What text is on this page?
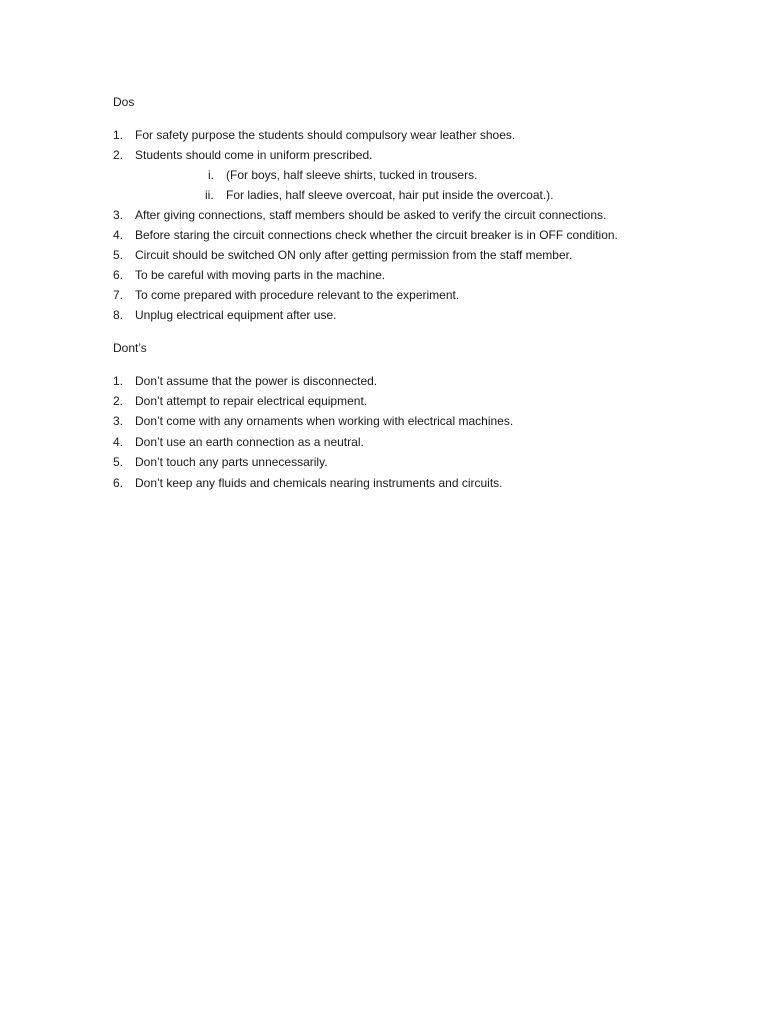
Dos
1. For safety purpose the students should compulsory wear leather shoes.
2. Students should come in uniform prescribed.
i. (For boys, half sleeve shirts, tucked in trousers.
ii. For ladies, half sleeve overcoat, hair put inside the overcoat.).
3. After giving connections, staff members should be asked to verify the circuit connections.
4. Before staring the circuit connections check whether the circuit breaker is in OFF condition.
5. Circuit should be switched ON only after getting permission from the staff member.
6. To be careful with moving parts in the machine.
7. To come prepared with procedure relevant to the experiment.
8. Unplug electrical equipment after use.
Dont’s
1. Don’t assume that the power is disconnected.
2. Don’t attempt to repair electrical equipment.
3. Don’t come with any ornaments when working with electrical machines.
4. Don’t use an earth connection as a neutral.
5. Don’t touch any parts unnecessarily.
6. Don’t keep any fluids and chemicals nearing instruments and circuits.
